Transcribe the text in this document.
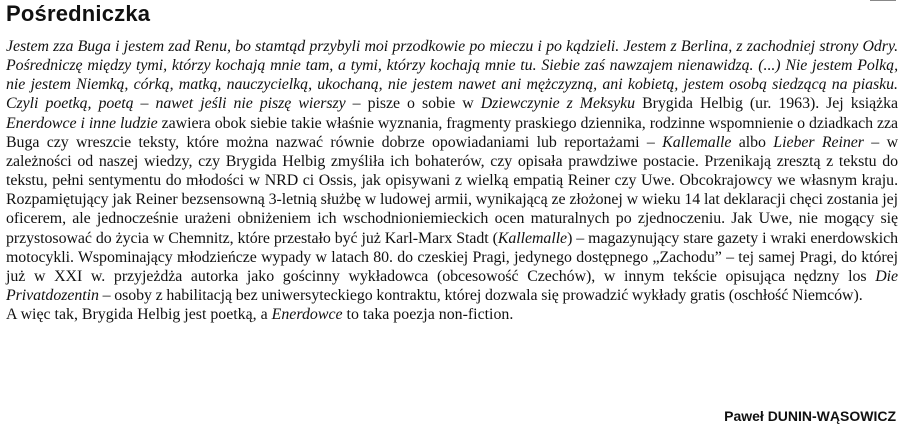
Pośredniczka

Jestem zza Buga i jestem zad Renu, bo stamtąd przybyli moi przodkowie po mieczu i po kądzieli. Jestem z Berlina, z zachodniej strony Odry. Pośredniczę między tymi, którzy kochają mnie tam, a tymi, którzy kochają mnie tu. Siebie zaś nawzajem nienawidzą. (...) Nie jestem Polką, nie jestem Niemką, córką, matką, nauczycielką, ukochaną, nie jestem nawet ani mężczyzną, ani kobietą, jestem osobą siedzącą na piasku. Czyli poetką, poetą – nawet jeśli nie piszę wierszy – pisze o sobie w Dziewczynie z Meksyku Brygida Helbig (ur. 1963). Jej książka Enerdowce i inne ludzie zawiera obok siebie takie właśnie wyznania, fragmenty praskiego dziennika, rodzinne wspomnienie o dziadkach zza Buga czy wreszcie teksty, które można nazwać równie dobrze opowiadaniami lub reportażami – Kallemalle albo Lieber Reiner – w zależności od naszej wiedzy, czy Brygida Helbig zmyśliła ich bohaterów, czy opisała prawdziwe postacie. Przenikają zresztą z tekstu do tekstu, pełni sentymentu do młodości w NRD ci Ossis, jak opisywani z wielką empatią Reiner czy Uwe. Obcokrajowcy we własnym kraju. Rozpamiętujący jak Reiner bezsensowną 3-letnią służbę w ludowej armii, wynikającą ze złożonej w wieku 14 lat deklaracji chęci zostania jej oficerem, ale jednocześnie urażeni obniżeniem ich wschodnioniemieckich ocen maturalnych po zjednoczeniu. Jak Uwe, nie mogący się przystosować do życia w Chemnitz, które przestało być już Karl-Marx Stadt (Kallemalle) – magazynujący stare gazety i wraki enerdowskich motocykli. Wspominający młodzieńcze wypady w latach 80. do czeskiej Pragi, jedynego dostępnego „Zachodu” – tej samej Pragi, do której już w XXI w. przyjeżdża autorka jako gościnny wykładowca (obcesowość Czechów), w innym tekście opisująca nędzny los Die Privatdozentin – osoby z habilitacją bez uniwersyteckiego kontraktu, której dozwala się prowadzić wykłady gratis (oschłość Niemców).

A więc tak, Brygida Helbig jest poetką, a Enerdowce to taka poezja non-fiction.

Paweł DUNIN-WĄSOWICZ
